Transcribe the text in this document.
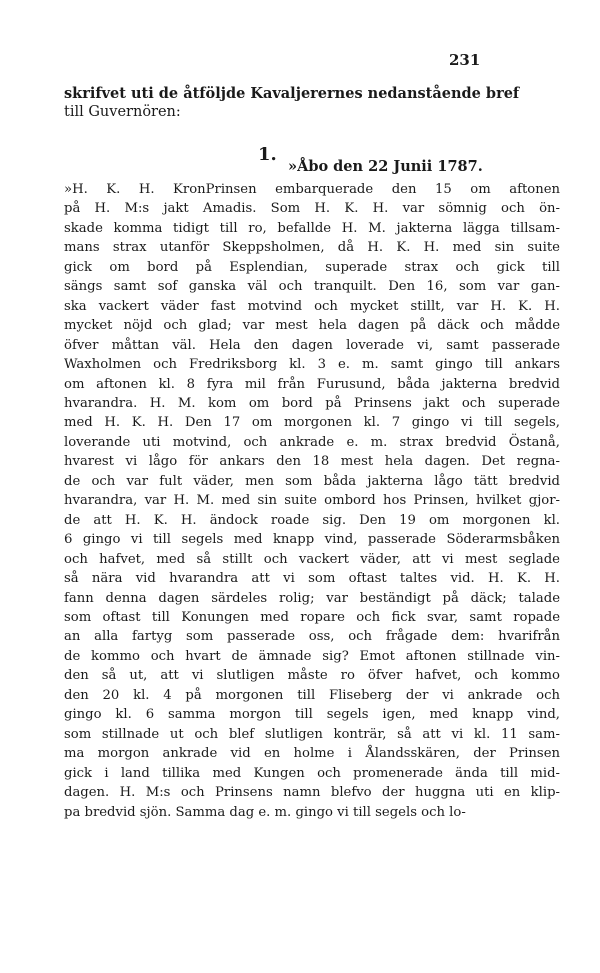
231
skrifvet uti de åtföljde Kavaljerernes nedanstående bref
till Guvernören:
1.
»Åbo den 22 Junii 1787.
»H. K. H. KronPrinsen embarquerade den 15 om aftonen
på H. M:s jakt Amadis. Som H. K. H. var sömnig och ön-
skade komma tidigt till ro, befallde H. M. jakterna lägga tillsam-
mans strax utanför Skeppsholmen, då H. K. H. med sin suite
gick om bord på Esplendian, superade strax och gick till
sängs samt sof ganska väl och tranquilt. Den 16, som var gan-
ska vackert väder fast motvind och mycket stillt, var H. K. H.
mycket nöjd och glad; var mest hela dagen på däck och mådde
öfver måttan väl. Hela den dagen loverade vi, samt passerade
Waxholmen och Fredriksborg kl. 3 e. m. samt gingo till ankars
om aftonen kl. 8 fyra mil från Furusund, båda jakterna bredvid
hvarandra. H. M. kom om bord på Prinsens jakt och superade
med H. K. H. Den 17 om morgonen kl. 7 gingo vi till segels,
loverande uti motvind, och ankrade e. m. strax bredvid Östanå,
hvarest vi lågo för ankars den 18 mest hela dagen. Det regna-
de och var fult väder, men som båda jakterna lågo tätt bredvid
hvarandra, var H. M. med sin suite ombord hos Prinsen, hvilket gjor-
de att H. K. H. ändock roade sig. Den 19 om morgonen kl.
6 gingo vi till segels med knapp vind, passerade Söderarmsbåken
och hafvet, med så stillt och vackert väder, att vi mest seglade
så nära vid hvarandra att vi som oftast taltes vid. H. K. H.
fann denna dagen särdeles rolig; var beständigt på däck; talade
som oftast till Konungen med ropare och fick svar, samt ropade
an alla fartyg som passerade oss, och frågade dem: hvarifrån
de kommo och hvart de ämnade sig? Emot aftonen stillnade vin-
den så ut, att vi slutligen måste ro öfver hafvet, och kommo
den 20 kl. 4 på morgonen till Fliseberg der vi ankrade och
gingo kl. 6 samma morgon till segels igen, med knapp vind,
som stillnade ut och blef slutligen konträr, så att vi kl. 11 sam-
ma morgon ankrade vid en holme i Ålandsskären, der Prinsen
gick i land tillika med Kungen och promenerade ända till mid-
dagen. H. M:s och Prinsens namn blefvo der huggna uti en klip-
pa bredvid sjön. Samma dag e. m. gingo vi till segels och lo-
